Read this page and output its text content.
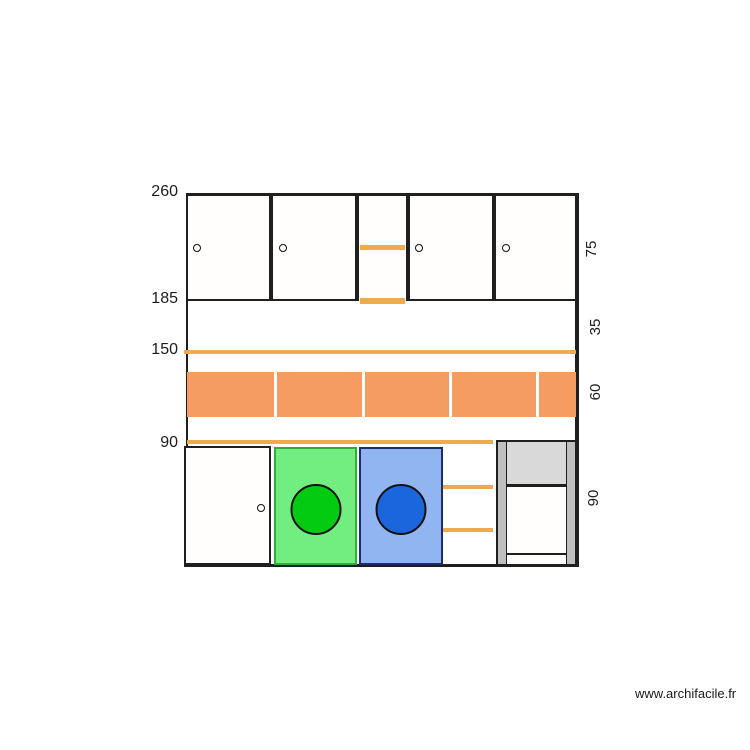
260
185
150
90
75
35
60
90
www.archifacile.fr
